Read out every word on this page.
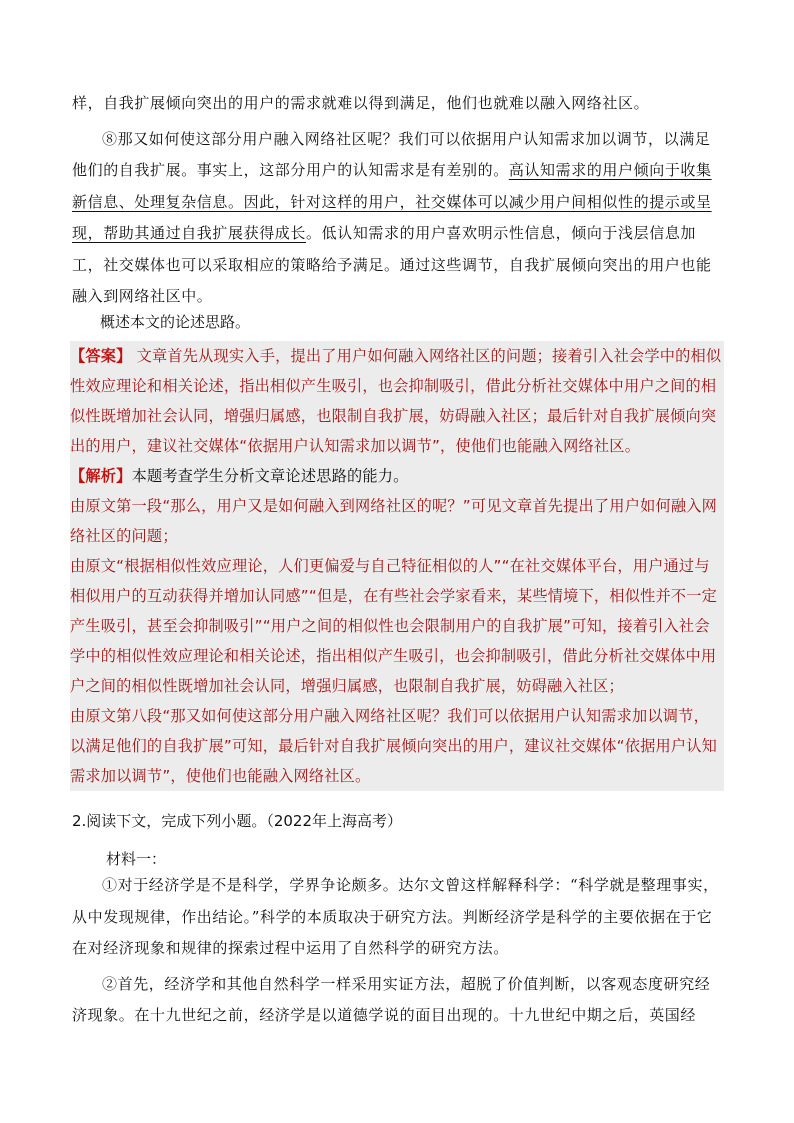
样，自我扩展倾向突出的用户的需求就难以得到满足，他们也就难以融入网络社区。

⑧那又如何使这部分用户融入网络社区呢？我们可以依据用户认知需求加以调节，以满足他们的自我扩展。事实上，这部分用户的认知需求是有差别的。高认知需求的用户倾向于收集新信息、处理复杂信息。因此，针对这样的用户，社交媒体可以减少用户间相似性的提示或呈现，帮助其通过自我扩展获得成长。低认知需求的用户喜欢明示性信息，倾向于浅层信息加工，社交媒体也可以采取相应的策略给予满足。通过这些调节，自我扩展倾向突出的用户也能融入到网络社区中。

概述本文的论述思路。

【答案】 文章首先从现实入手，提出了用户如何融入网络社区的问题；接着引入社会学中的相似性效应理论和相关论述，指出相似产生吸引，也会抑制吸引，借此分析社交媒体中用户之间的相似性既增加社会认同，增强归属感，也限制自我扩展，妨碍融入社区；最后针对自我扩展倾向突出的用户，建议社交媒体“依据用户认知需求加以调节”，使他们也能融入网络社区。

【解析】本题考查学生分析文章论述思路的能力。

由原文第一段“那么，用户又是如何融入到网络社区的呢？”可见文章首先提出了用户如何融入网络社区的问题；

由原文“根据相似性效应理论，人们更偏爱与自己特征相似的人”“在社交媒体平台，用户通过与相似用户的互动获得并增加认同感”“但是，在有些社会学家看来，某些情境下，相似性并不一定产生吸引，甚至会抑制吸引”“用户之间的相似性也会限制用户的自我扩展”可知，接着引入社会学中的相似性效应理论和相关论述，指出相似产生吸引，也会抑制吸引，借此分析社交媒体中用户之间的相似性既增加社会认同，增强归属感，也限制自我扩展，妨碍融入社区；

由原文第八段“那又如何使这部分用户融入网络社区呢？我们可以依据用户认知需求加以调节，以满足他们的自我扩展”可知，最后针对自我扩展倾向突出的用户，建议社交媒体“依据用户认知需求加以调节”，使他们也能融入网络社区。

2.阅读下文，完成下列小题。（2022年上海高考）
材料一：

①对于经济学是不是科学，学界争论颇多。达尔文曾这样解释科学：“科学就是整理事实，从中发现规律，作出结论。”科学的本质取决于研究方法。判断经济学是科学的主要依据在于它在对经济现象和规律的探索过程中运用了自然科学的研究方法。

②首先，经济学和其他自然科学一样采用实证方法，超脱了价值判断，以客观态度研究经济现象。在十九世纪之前，经济学是以道德学说的面目出现的。十九世纪中期之后，英国经
